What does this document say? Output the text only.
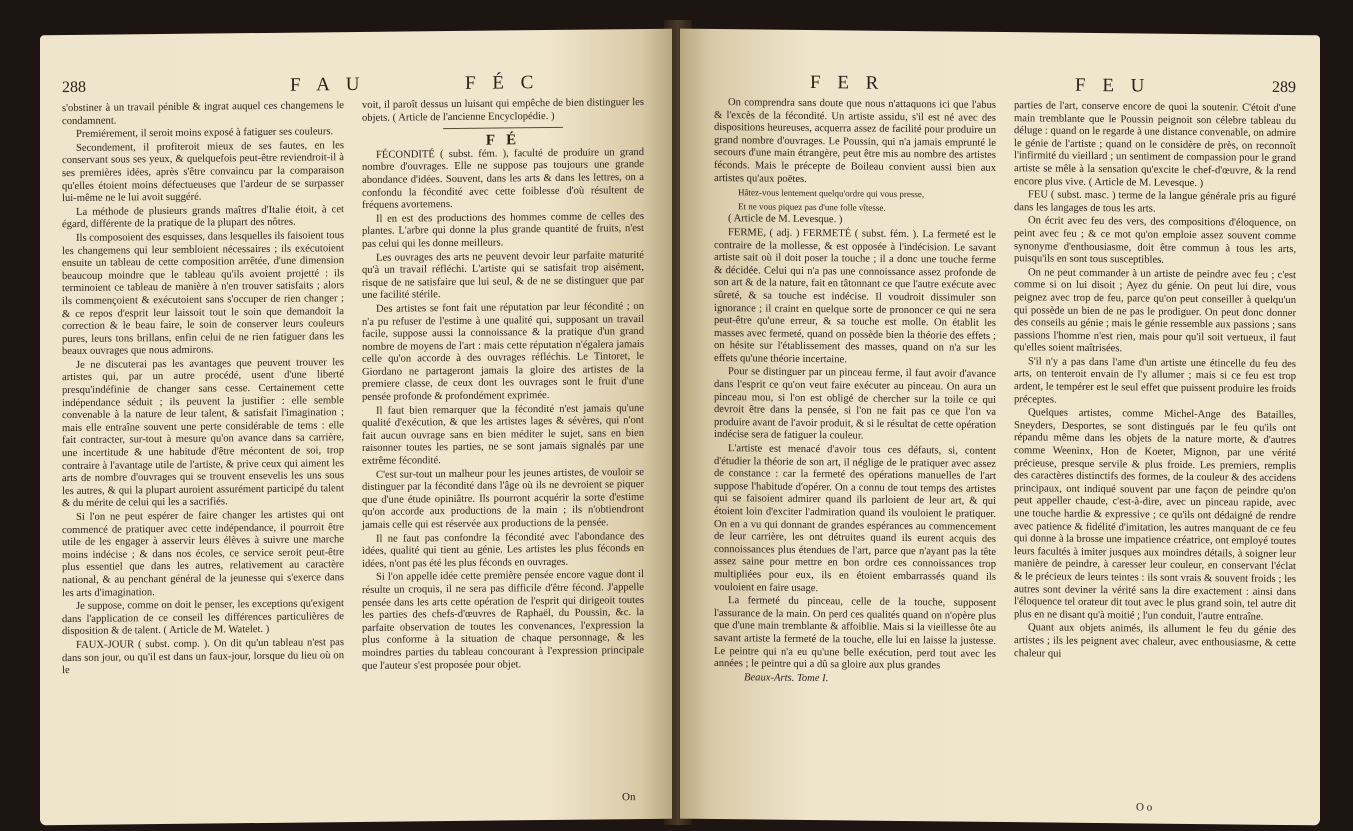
288	F A U	F É C

s'obstiner à un travail pénible & ingrat auquel ces changemens le condamnent.

Premiérement, il seroit moins exposé à fatiguer ses couleurs.

Secondement, il profiteroit mieux de ses fautes, en les conservant sous ses yeux, & quelquefois peut-être reviendroit-il à ses premières idées, après s'être convaincu par la comparaison qu'elles étoient moins défectueuses que l'ardeur de se surpasser lui-même ne le lui avoit suggéré.

La méthode de plusieurs grands maîtres d'Italie étoit, à cet égard, différente de la pratique de la plupart des nôtres.

Ils composoient des esquisses, dans lesquelles ils faisoient tous les changemens qui leur sembloient nécessaires ; ils exécutoient ensuite un tableau de cette composition arrêtée, d'une dimension beaucoup moindre que le tableau qu'ils avoient projetté : ils terminoient ce tableau de manière à n'en trouver satisfaits ; alors ils commençoient & exécutoient sans s'occuper de rien changer ; & ce repos d'esprit leur laissoit tout le soin que demandoit la correction & le beau faire, le soin de conserver leurs couleurs pures, leurs tons brillans, enfin celui de ne rien fatiguer dans les beaux ouvrages que nous admirons.

Je ne discuterai pas les avantages que peuvent trouver les artistes qui, par un autre procédé, usent d'une liberté presqu'indéfinie de changer sans cesse. Certainement cette indépendance séduit ; ils peuvent la justifier : elle semble convenable à la nature de leur talent, & satisfait l'imagination ; mais elle entraîne souvent une perte considérable de tems : elle fait contracter, sur-tout à mesure qu'on avance dans sa carrière, une incertitude & une habitude d'être mécontent de soi, trop contraire à l'avantage utile de l'artiste, & prive ceux qui aiment les arts de nombre d'ouvrages qui se trouvent ensevelis les uns sous les autres, & qui la plupart auroient assurément participé du talent & du mérite de celui qui les a sacrifiés.

Si l'on ne peut espérer de faire changer les artistes qui ont commencé de pratiquer avec cette indépendance, il pourroit être utile de les engager à asservir leurs élèves à suivre une marche moins indécise ; & dans nos écoles, ce service seroit peut-être plus essentiel que dans les autres, relativement au caractère national, & au penchant général de la jeunesse qui s'exerce dans les arts d'imagination.

Je suppose, comme on doit le penser, les exceptions qu'exigent dans l'application de ce conseil les différences particulières de disposition & de talent. ( Article de M. Watelet. )

FAUX-JOUR ( subst. comp. ). On dit qu'un tableau n'est pas dans son jour, ou qu'il est dans un faux-jour, lorsque du lieu où on le

voit, il paroît dessus un luisant qui empêche de bien distinguer les objets. ( Article de l'ancienne Encyclopédie. )

F É

FÉCONDITÉ ( subst. fém. ), faculté de produire un grand nombre d'ouvrages. Elle ne suppose pas toujours une grande abondance d'idées. Souvent, dans les arts & dans les lettres, on a confondu la fécondité avec cette foiblesse d'où résultent de fréquens avortemens.

Il en est des productions des hommes comme de celles des plantes. L'arbre qui donne la plus grande quantité de fruits, n'est pas celui qui les donne meilleurs.

Les ouvrages des arts ne peuvent devoir leur parfaite maturité qu'à un travail réfléchi. L'artiste qui se satisfait trop aisément, risque de ne satisfaire que lui seul, & de ne se distinguer que par une facilité stérile.

Des artistes se font fait une réputation par leur fécondité ; on n'a pu refuser de l'estime à une qualité qui, supposant un travail facile, suppose aussi la connoissance & la pratique d'un grand nombre de moyens de l'art : mais cette réputation n'égalera jamais celle qu'on accorde à des ouvrages réfléchis. Le Tintoret, le Giordano ne partageront jamais la gloire des artistes de la premiere classe, de ceux dont les ouvrages sont le fruit d'une pensée profonde & profondément exprimée.

Il faut bien remarquer que la fécondité n'est jamais qu'une qualité d'exécution, & que les artistes lages & sévères, qui n'ont fait aucun ouvrage sans en bien méditer le sujet, sans en bien raisonner toutes les parties, ne se sont jamais signalés par une extrême fécondité.

C'est sur-tout un malheur pour les jeunes artistes, de vouloir se distinguer par la fécondité dans l'âge où ils ne devroient se piquer que d'une étude opiniâtre. Ils pourront acquérir la sorte d'estime qu'on accorde aux productions de la main ; ils n'obtiendront jamais celle qui est réservée aux productions de la pensée.

Il ne faut pas confondre la fécondité avec l'abondance des idées, qualité qui tient au génie. Les artistes les plus féconds en idées, n'ont pas été les plus féconds en ouvrages.

Si l'on appelle idée cette première pensée encore vague dont il résulte un croquis, il ne sera pas difficile d'être fécond. J'appelle pensée dans les arts cette opération de l'esprit qui dirigeoit toutes les parties des chefs-d'œuvres de Raphaël, du Poussin, &c. la parfaite observation de toutes les convenances, l'expression la plus conforme à la situation de chaque personnage, & les moindres parties du tableau concourant à l'expression principale que l'auteur s'est proposée pour objet.

On
F E R	F E U	289

On comprendra sans doute que nous n'attaquons ici que l'abus & l'excès de la fécondité. Un artiste assidu, s'il est né avec des dispositions heureuses, acquerra assez de facilité pour produire un grand nombre d'ouvrages. Le Poussin, qui n'a jamais emprunté le secours d'une main étrangère, peut être mis au nombre des artistes féconds. Mais le précepte de Boileau convient aussi bien aux artistes qu'aux poëtes.

Hâtez-vous lentement quelqu'ordre qui vous presse,

Et ne vous piquez pas d'une folle vîtesse.

( Article de M. Levesque. )

FERME, ( adj. ) FERMETÉ ( subst. fém. ). La fermeté est le contraire de la mollesse, & est opposée à l'indécision. Le savant artiste sait où il doit poser la touche ; il a donc une touche ferme & décidée. Celui qui n'a pas une connoissance assez profonde de son art & de la nature, fait en tâtonnant ce que l'autre exécute avec sûreté, & sa touche est indécise. Il voudroit dissimuler son ignorance ; il craint en quelque sorte de prononcer ce qui ne sera peut-être qu'une erreur, & sa touche est molle. On établit les masses avec fermeté, quand on possède bien la théorie des effets ; on hésite sur l'établissement des masses, quand on n'a sur les effets qu'une théorie incertaine.

Pour se distinguer par un pinceau ferme, il faut avoir d'avance dans l'esprit ce qu'on veut faire exécuter au pinceau. On aura un pinceau mou, si l'on est obligé de chercher sur la toile ce qui devroit être dans la pensée, si l'on ne fait pas ce que l'on va produire avant de l'avoir produit, & si le résultat de cette opération indécise sera de fatiguer la couleur.

L'artiste est menacé d'avoir tous ces défauts, si, content d'étudier la théorie de son art, il néglige de le pratiquer avec assez de constance : car la fermeté des opérations manuelles de l'art suppose l'habitude d'opérer. On a connu de tout temps des artistes qui se faisoient admirer quand ils parloient de leur art, & qui étoient loin d'exciter l'admiration quand ils vouloient le pratiquer. On en a vu qui donnant de grandes espérances au commencement de leur carrière, les ont détruites quand ils eurent acquis des connoissances plus étendues de l'art, parce que n'ayant pas la tête assez saine pour mettre en bon ordre ces connoissances trop multipliées pour eux, ils en étoient embarrassés quand ils vouloient en faire usage.

La fermeté du pinceau, celle de la touche, supposent l'assurance de la main. On perd ces qualités quand on n'opère plus que d'une main tremblante & affoiblie. Mais si la vieillesse ôte au savant artiste la fermeté de la touche, elle lui en laisse la justesse. Le peintre qui n'a eu qu'une belle exécution, perd tout avec les années ; le peintre qui a dû sa gloire aux plus grandes

Beaux-Arts. Tome I.

parties de l'art, conserve encore de quoi la soutenir. C'étoit d'une main tremblante que le Poussin peignoit son célebre tableau du déluge : quand on le regarde à une distance convenable, on admire le génie de l'artiste ; quand on le considère de près, on reconnoît l'infirmité du vieillard ; un sentiment de compassion pour le grand artiste se mêle à la sensation qu'excite le chef-d'œuvre, & la rend encore plus vive. ( Article de M. Levesque. )

FEU ( subst. masc. ) terme de la langue générale pris au figuré dans les langages de tous les arts.

On écrit avec feu des vers, des compositions d'éloquence, on peint avec feu ; & ce mot qu'on emploie assez souvent comme synonyme d'enthousiasme, doit être commun à tous les arts, puisqu'ils en sont tous susceptibles.

On ne peut commander à un artiste de peindre avec feu ; c'est comme si on lui disoit ; Ayez du génie. On peut lui dire, vous peignez avec trop de feu, parce qu'on peut conseiller à quelqu'un qui possède un bien de ne pas le prodiguer. On peut donc donner des conseils au génie ; mais le génie ressemble aux passions ; sans passions l'homme n'est rien, mais pour qu'il soit vertueux, il faut qu'elles soient maîtrisées.

S'il n'y a pas dans l'ame d'un artiste une étincelle du feu des arts, on tenteroit envain de l'y allumer ; mais si ce feu est trop ardent, le tempérer est le seul effet que puissent produire les froids préceptes.

Quelques artistes, comme Michel-Ange des Batailles, Sneyders, Desportes, se sont distingués par le feu qu'ils ont répandu même dans les objets de la nature morte, & d'autres comme Weeninx, Hon de Koeter, Mignon, par une vérité précieuse, presque servile & plus froide. Les premiers, remplis des caractères distinctifs des formes, de la couleur & des accidens principaux, ont indiqué souvent par une façon de peindre qu'on peut appeller chaude, c'est-à-dire, avec un pinceau rapide, avec une touche hardie & expressive ; ce qu'ils ont dédaigné de rendre avec patience & fidélité d'imitation, les autres manquant de ce feu qui donne à la brosse une impatience créatrice, ont employé toutes leurs facultés à imiter jusques aux moindres détails, à soigner leur manière de peindre, à caresser leur couleur, en conservant l'éclat & le précieux de leurs teintes : ils sont vrais & souvent froids ; les autres sont deviner la vérité sans la dire exactement : ainsi dans l'éloquence tel orateur dit tout avec le plus grand soin, tel autre dit plus en ne disant qu'à moitié ; l'un conduit, l'autre entraîne.

Quant aux objets animés, ils allument le feu du génie des artistes ; ils les peignent avec chaleur, avec enthousiasme, & cette chaleur qui

O o
